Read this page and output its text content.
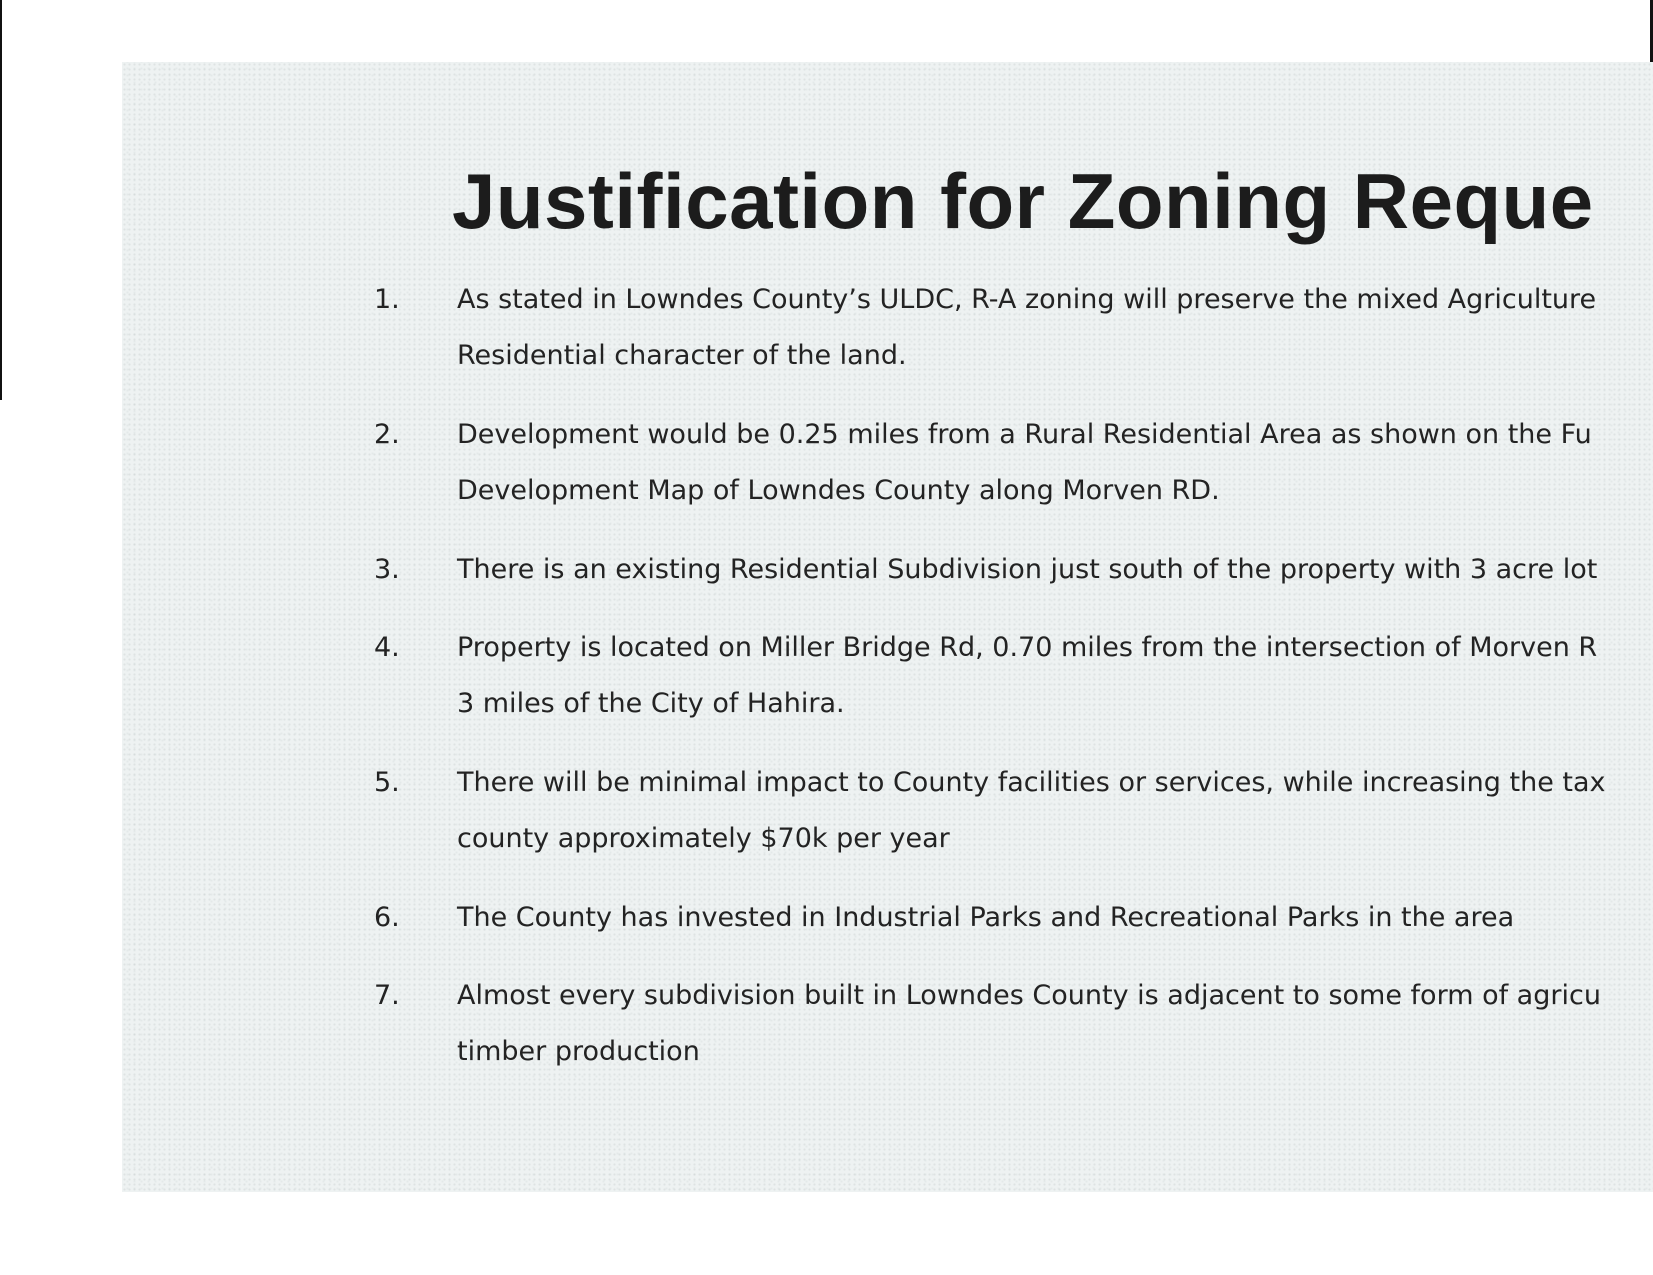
Justification for Zoning Reque
1. As stated in Lowndes County’s ULDC, R-A zoning will preserve the mixed Agriculture
Residential character of the land.
2. Development would be 0.25 miles from a Rural Residential Area as shown on the Fu
Development Map of Lowndes County along Morven RD.
3. There is an existing Residential Subdivision just south of the property with 3 acre lot
4. Property is located on Miller Bridge Rd, 0.70 miles from the intersection of Morven R
3 miles of the City of Hahira.
5. There will be minimal impact to County facilities or services, while increasing the tax
county approximately $70k per year
6. The County has invested in Industrial Parks and Recreational Parks in the area
7. Almost every subdivision built in Lowndes County is adjacent to some form of agricu
timber production
